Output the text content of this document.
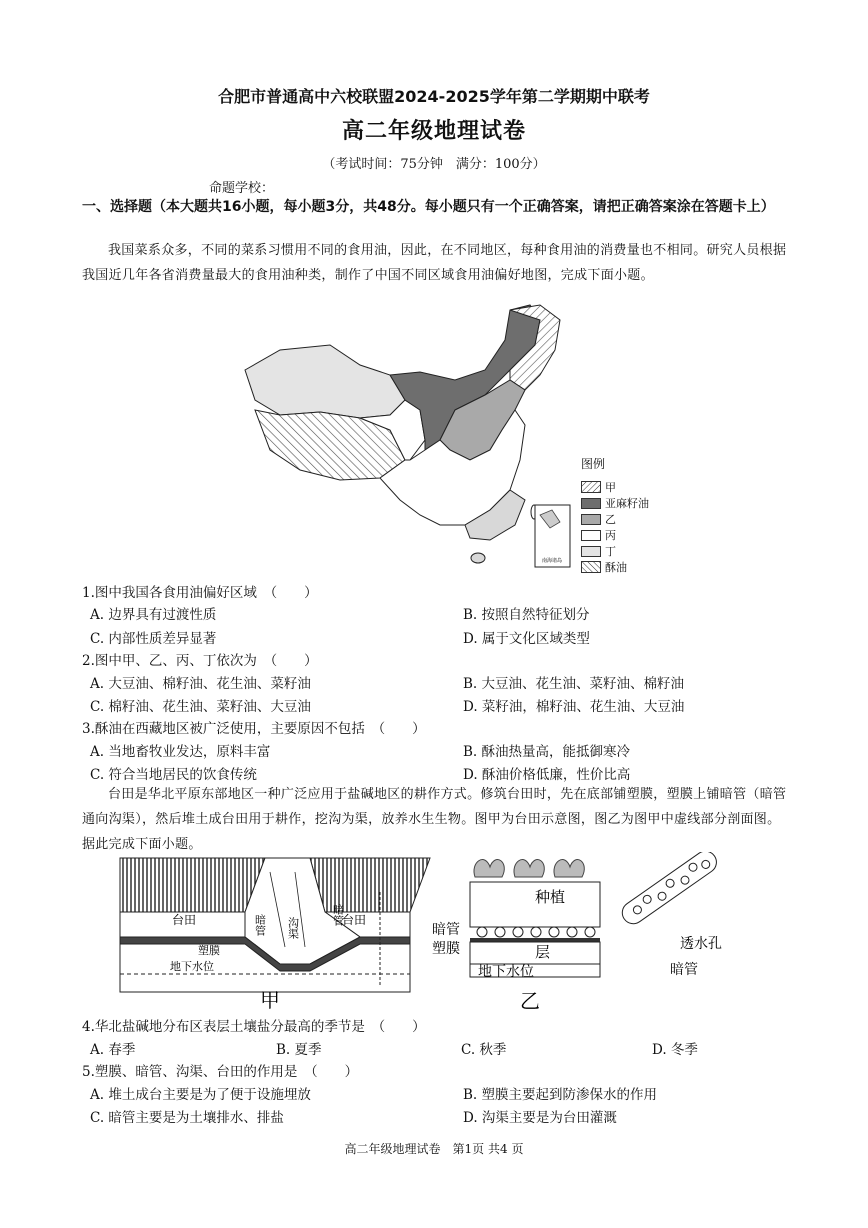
合肥市普通高中六校联盟2024-2025学年第二学期期中联考
高二年级地理试卷
（考试时间：75分钟　满分：100分）
命题学校：
一、选择题（本大题共16小题，每小题3分，共48分。每小题只有一个正确答案，请把正确答案涂在答题卡上）
我国菜系众多，不同的菜系习惯用不同的食用油，因此，在不同地区，每种食用油的消费量也不相同。研究人员根据我国近几年各省消费量最大的食用油种类，制作了中国不同区域食用油偏好地图，完成下面小题。
南海诸岛
图例
甲
亚麻籽油
乙
丙
丁
酥油
1.图中我国各食用油偏好区域　（　　）
A. 边界具有过渡性质	B. 按照自然特征划分
C. 内部性质差异显著	D. 属于文化区域类型
2.图中甲、乙、丙、丁依次为　（　　）
A. 大豆油、棉籽油、花生油、菜籽油	B. 大豆油、花生油、菜籽油、棉籽油
C. 棉籽油、花生油、菜籽油、大豆油	D. 菜籽油，棉籽油、花生油、大豆油
3.酥油在西藏地区被广泛使用，主要原因不包括　（　　）
A. 当地畜牧业发达，原料丰富	B. 酥油热量高，能抵御寒冷
C. 符合当地居民的饮食传统	D. 酥油价格低廉，性价比高
台田是华北平原东部地区一种广泛应用于盐碱地区的耕作方式。修筑台田时，先在底部铺塑膜，塑膜上铺暗管（暗管通向沟渠），然后堆土成台田用于耕作，挖沟为渠，放养水生生物。图甲为台田示意图，图乙为图甲中虚线部分剖面图。据此完成下面小题。
台田	台田
暗管	暗管
沟渠
塑膜
地下水位
甲
种植
层
暗管
塑膜
地下水位
透水孔
暗管
乙
4.华北盐碱地分布区表层土壤盐分最高的季节是　（　　）
A. 春季	B. 夏季	C. 秋季	D. 冬季
5.塑膜、暗管、沟渠、台田的作用是　（　　）
A. 堆土成台主要是为了便于设施埋放	B. 塑膜主要起到防渗保水的作用
C. 暗管主要是为土壤排水、排盐	D. 沟渠主要是为台田灌溉
高二年级地理试卷　第1页 共4 页
